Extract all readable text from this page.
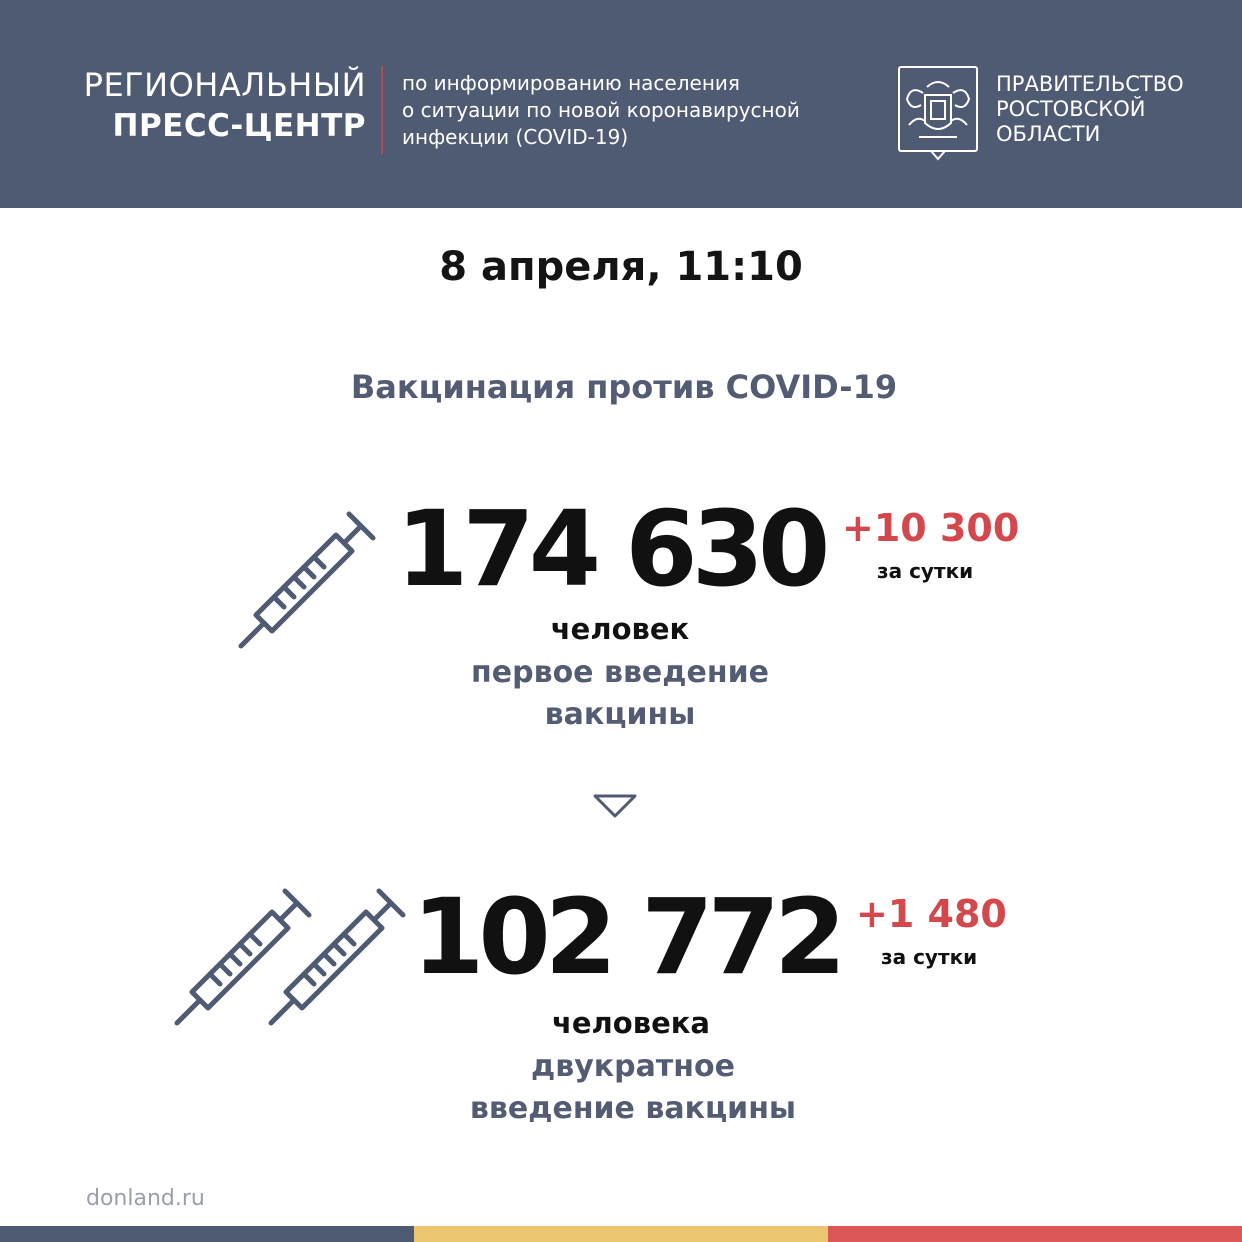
РЕГИОНАЛЬНЫЙ
ПРЕСС-ЦЕНТР
по информированию населения
о ситуации по новой коронавирусной
инфекции (COVID-19)
ПРАВИТЕЛЬСТВО
РОСТОВСКОЙ
ОБЛАСТИ
8 апреля, 11:10
Вакцинация против COVID-19
174 630 +10 300
за сутки
человек
первое введение
вакцины
102 772 +1 480
за сутки
человека
двукратное
введение вакцины
donland.ru
